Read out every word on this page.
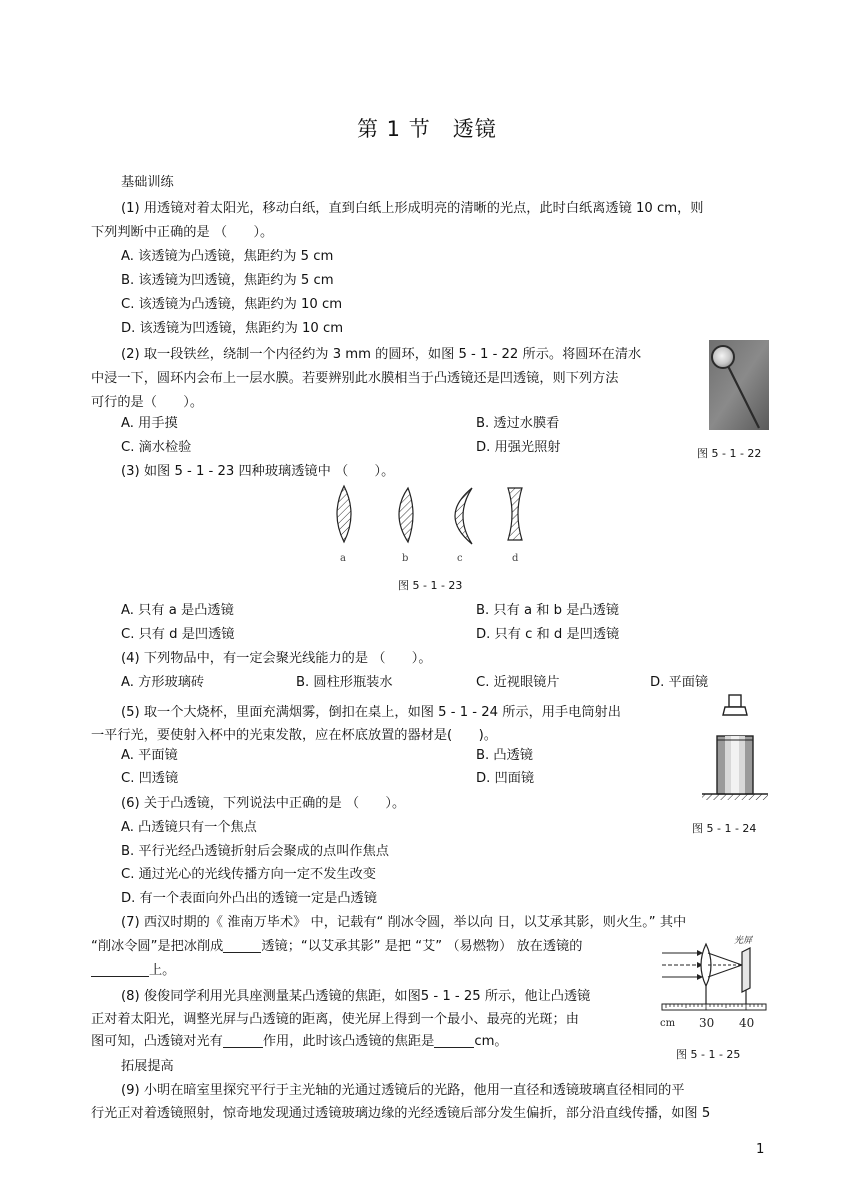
第 1 节　透镜
基础训练
(1) 用透镜对着太阳光，移动白纸，直到白纸上形成明亮的清晰的光点，此时白纸离透镜 10 cm，则
下列判断中正确的是 （　　）。
A. 该透镜为凸透镜，焦距约为 5 cm
B. 该透镜为凹透镜，焦距约为 5 cm
C. 该透镜为凸透镜，焦距约为 10 cm
D. 该透镜为凹透镜，焦距约为 10 cm
(2) 取一段铁丝，绕制一个内径约为 3 mm 的圆环，如图 5 - 1 - 22 所示。将圆环在清水
中浸一下，圆环内会布上一层水膜。若要辨别此水膜相当于凸透镜还是凹透镜，则下列方法
可行的是（　　）。
A. 用手摸	B. 透过水膜看
C. 滴水检验	D. 用强光照射	图 5 - 1 - 22
(3) 如图 5 - 1 - 23 四种玻璃透镜中 （　　）。
a	b	c	d
图 5 - 1 - 23
A. 只有 a 是凸透镜	B. 只有 a 和 b 是凸透镜
C. 只有 d 是凹透镜	D. 只有 c 和 d 是凹透镜
(4) 下列物品中，有一定会聚光线能力的是 （　　）。
A. 方形玻璃砖	B. 圆柱形瓶装水	C. 近视眼镜片	D. 平面镜
(5) 取一个大烧杯，里面充满烟雾，倒扣在桌上，如图 5 - 1 - 24 所示，用手电筒射出
一平行光，要使射入杯中的光束发散，应在杯底放置的器材是(　　)。
A. 平面镜	B. 凸透镜
C. 凹透镜	D. 凹面镜
图 5 - 1 - 24
(6) 关于凸透镜，下列说法中正确的是 （　　）。
A. 凸透镜只有一个焦点
B. 平行光经凸透镜折射后会聚成的点叫作焦点
C. 通过光心的光线传播方向一定不发生改变
D. 有一个表面向外凸出的透镜一定是凸透镜
(7) 西汉时期的《 淮南万毕术》 中，记载有“ 削冰令圆，举以向 日，以艾承其影，则火生。” 其中
“削冰令圆”是把冰削成	透镜；“以艾承其影” 是把 “艾” （易燃物） 放在透镜的
上。
(8) 俊俊同学利用光具座测量某凸透镜的焦距，如图5 - 1 - 25 所示，他让凸透镜
正对着太阳光，调整光屏与凸透镜的距离，使光屏上得到一个最小、最亮的光斑；由
图可知，凸透镜对光有	作用，此时该凸透镜的焦距是	cm。
光屏
cm 30 40
图 5 - 1 - 25
拓展提高
(9) 小明在暗室里探究平行于主光轴的光通过透镜后的光路，他用一直径和透镜玻璃直径相同的平
行光正对着透镜照射，惊奇地发现通过透镜玻璃边缘的光经透镜后部分发生偏折，部分沿直线传播，如图 5
1
